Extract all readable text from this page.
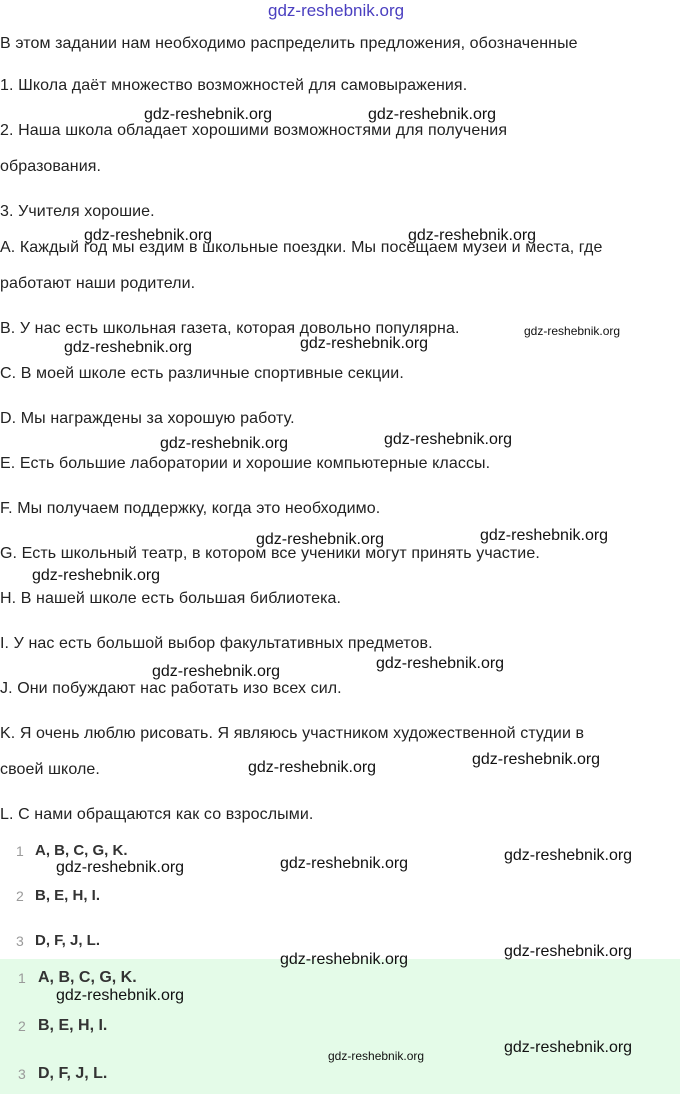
В этом задании нам необходимо распределить предложения, обозначенные
1. Школа даёт множество возможностей для самовыражения.
2. Наша школа обладает хорошими возможностями для получения
образования.
3. Учителя хорошие.
A. Каждый год мы ездим в школьные поездки. Мы посещаем музеи и места, где
работают наши родители.
B. У нас есть школьная газета, которая довольно популярна.
C. В моей школе есть различные спортивные секции.
D. Мы награждены за хорошую работу.
E. Есть большие лаборатории и хорошие компьютерные классы.
F. Мы получаем поддержку, когда это необходимо.
G. Есть школьный театр, в котором все ученики могут принять участие.
H. В нашей школе есть большая библиотека.
I. У нас есть большой выбор факультативных предметов.
J. Они побуждают нас работать изо всех сил.
K. Я очень люблю рисовать. Я являюсь участником художественной студии в
своей школе.
L. С нами обращаются как со взрослыми.
1 A, B, C, G, K.
2 B, E, H, I.
3 D, F, J, L.
1 A, B, C, G, K.
2 B, E, H, I.
3 D, F, J, L.
gdz-reshebnik.org
gdz-reshebnik.org	gdz-reshebnik.org
gdz-reshebnik.org	gdz-reshebnik.org
gdz-reshebnik.org
gdz-reshebnik.org	gdz-reshebnik.org
gdz-reshebnik.org	gdz-reshebnik.org
gdz-reshebnik.org	gdz-reshebnik.org
gdz-reshebnik.org
gdz-reshebnik.org	gdz-reshebnik.org
gdz-reshebnik.org	gdz-reshebnik.org
gdz-reshebnik.org	gdz-reshebnik.org	gdz-reshebnik.org
gdz-reshebnik.org
gdz-reshebnik.org
gdz-reshebnik.org
gdz-reshebnik.org	gdz-reshebnik.org
